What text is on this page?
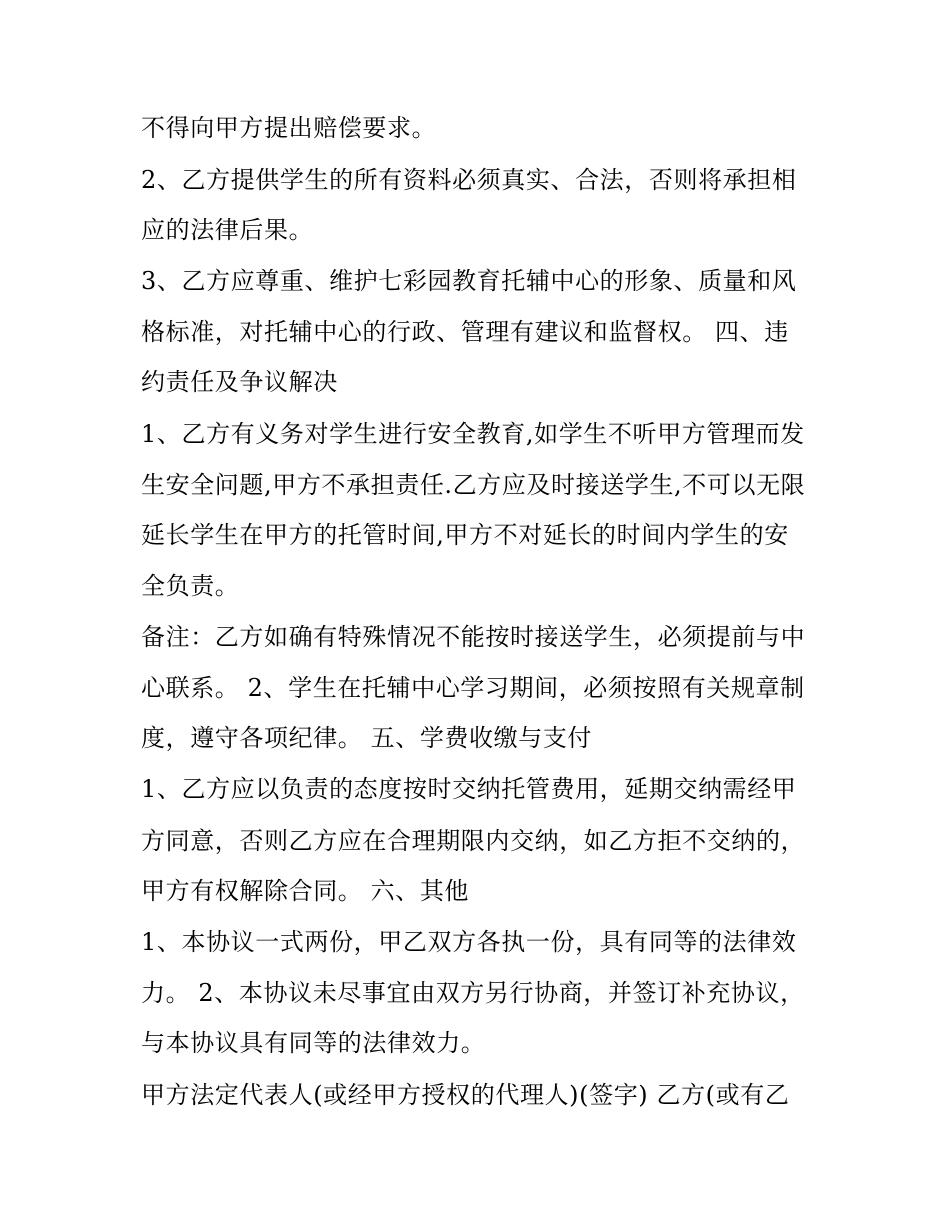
不得向甲方提出赔偿要求。
2、乙方提供学生的所有资料必须真实、合法，否则将承担相
应的法律后果。
3、乙方应尊重、维护七彩园教育托辅中心的形象、质量和风
格标准，对托辅中心的行政、管理有建议和监督权。 四、违
约责任及争议解决
1、乙方有义务对学生进行安全教育,如学生不听甲方管理而发
生安全问题,甲方不承担责任.乙方应及时接送学生,不可以无限
延长学生在甲方的托管时间,甲方不对延长的时间内学生的安
全负责。
备注：乙方如确有特殊情况不能按时接送学生，必须提前与中
心联系。 2、学生在托辅中心学习期间，必须按照有关规章制
度，遵守各项纪律。 五、学费收缴与支付
1、乙方应以负责的态度按时交纳托管费用，延期交纳需经甲
方同意，否则乙方应在合理期限内交纳，如乙方拒不交纳的，
甲方有权解除合同。 六、其他
1、本协议一式两份，甲乙双方各执一份，具有同等的法律效
力。 2、本协议未尽事宜由双方另行协商，并签订补充协议，
与本协议具有同等的法律效力。
甲方法定代表人(或经甲方授权的代理人)(签字) 乙方(或有乙
